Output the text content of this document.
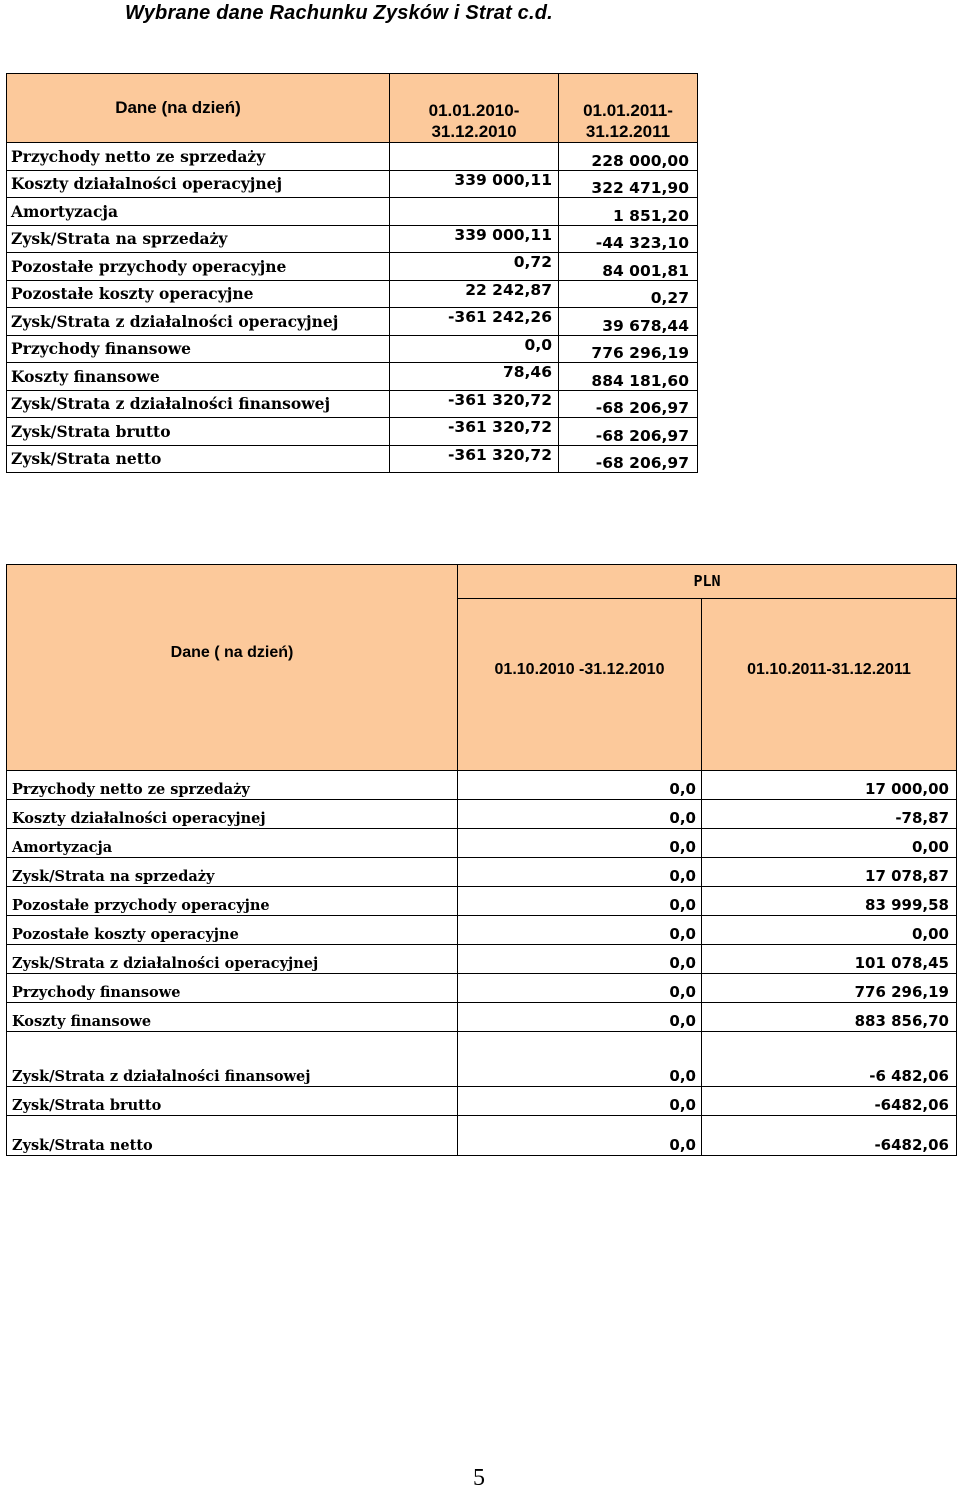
Wybrane dane Rachunku Zysków i Strat c.d.
Dane (na dzień)	01.01.2010-31.12.2010	01.01.2011-31.12.2011
Przychody netto ze sprzedaży		228 000,00
Koszty działalności operacyjnej	339 000,11	322 471,90
Amortyzacja		1 851,20
Zysk/Strata na sprzedaży	339 000,11	-44 323,10
Pozostałe przychody operacyjne	0,72	84 001,81
Pozostałe koszty operacyjne	22 242,87	0,27
Zysk/Strata z działalności operacyjnej	-361 242,26	39 678,44
Przychody finansowe	0,0	776 296,19
Koszty finansowe	78,46	884 181,60
Zysk/Strata z działalności finansowej	-361 320,72	-68 206,97
Zysk/Strata brutto	-361 320,72	-68 206,97
Zysk/Strata netto	-361 320,72	-68 206,97
Dane ( na dzień)	PLN	
	01.10.2010 -31.12.2010	01.10.2011-31.12.2011
Przychody netto ze sprzedaży	0,0	17 000,00
Koszty działalności operacyjnej	0,0	-78,87
Amortyzacja	0,0	0,00
Zysk/Strata na sprzedaży	0,0	17 078,87
Pozostałe przychody operacyjne	0,0	83 999,58
Pozostałe koszty operacyjne	0,0	0,00
Zysk/Strata z działalności operacyjnej	0,0	101 078,45
Przychody finansowe	0,0	776 296,19
Koszty finansowe	0,0	883 856,70
Zysk/Strata z działalności finansowej	0,0	-6 482,06
Zysk/Strata brutto	0,0	-6482,06
Zysk/Strata netto	0,0	-6482,06
5
